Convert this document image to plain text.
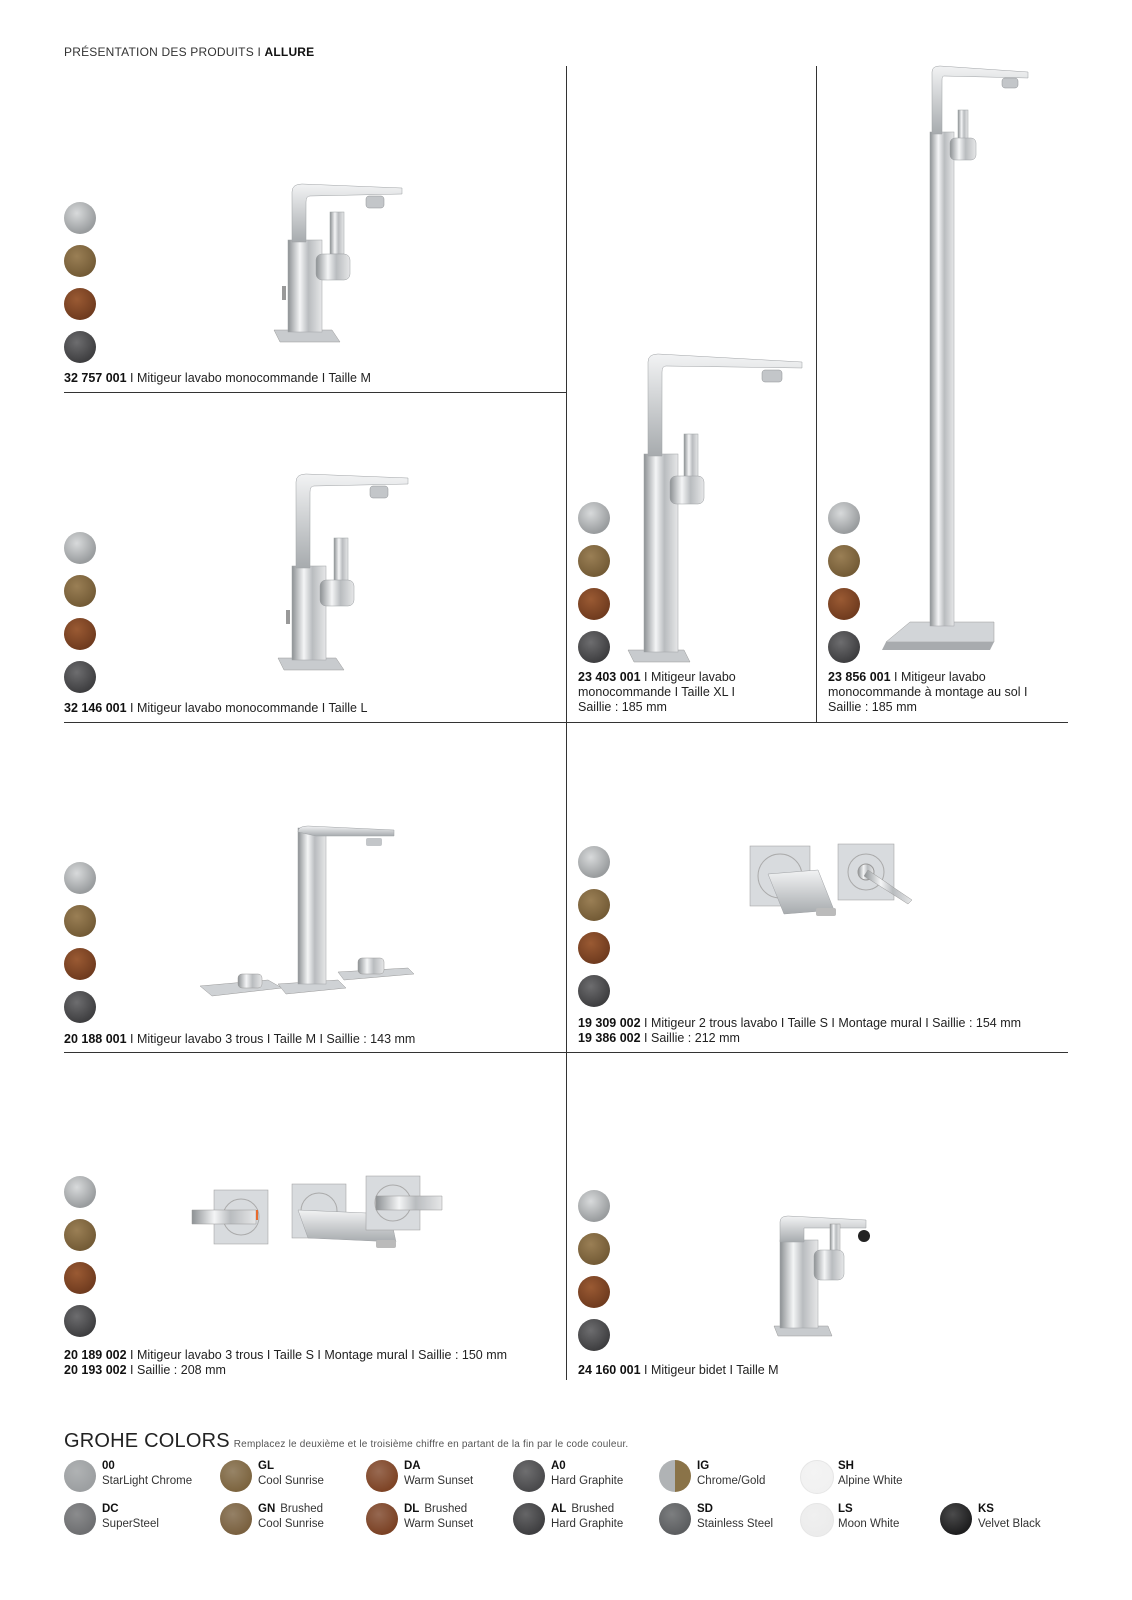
PRÉSENTATION DES PRODUITS I ALLURE
32 757 001 I Mitigeur lavabo monocommande I Taille M
32 146 001 I Mitigeur lavabo monocommande I Taille L
23 403 001 I Mitigeur lavabo
monocommande I Taille XL I
Saillie : 185 mm
23 856 001 I Mitigeur lavabo
monocommande à montage au sol I
Saillie : 185 mm
20 188 001 I Mitigeur lavabo 3 trous I Taille M I Saillie : 143 mm
19 309 002 I Mitigeur 2 trous lavabo I Taille S I Montage mural I Saillie : 154 mm
19 386 002 I Saillie : 212 mm
20 189 002 I Mitigeur lavabo 3 trous I Taille S I Montage mural I Saillie : 150 mm
20 193 002 I Saillie : 208 mm	24 160 001 I Mitigeur bidet I Taille M
GROHE COLORS Remplacez le deuxième et le troisième chiffre en partant de la fin par le code couleur.
00
StarLight Chrome
GL
Cool Sunrise
DA
Warm Sunset
A0
Hard Graphite
IG
Chrome/Gold
SH
Alpine White
DC
SuperSteel
GN Brushed
Cool Sunrise
DL Brushed
Warm Sunset
AL Brushed
Hard Graphite
SD
Stainless Steel
LS
Moon White
KS
Velvet Black
